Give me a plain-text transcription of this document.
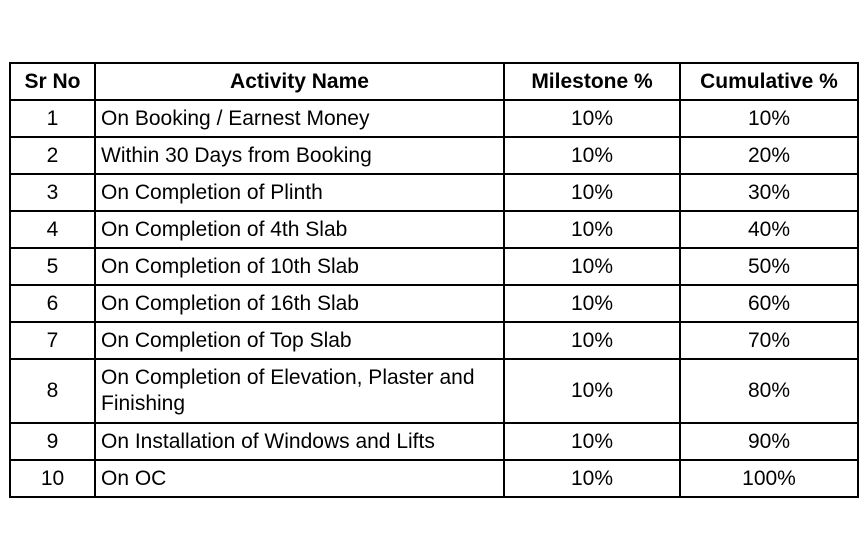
Sr No	Activity Name	Milestone %	Cumulative %
1	On Booking / Earnest Money	10%	10%
2	Within 30 Days from Booking	10%	20%
3	On Completion of Plinth	10%	30%
4	On Completion of 4th Slab	10%	40%
5	On Completion of 10th Slab	10%	50%
6	On Completion of 16th Slab	10%	60%
7	On Completion of Top Slab	10%	70%
8	On Completion of Elevation, Plaster and Finishing	10%	80%
9	On Installation of Windows and Lifts	10%	90%
10	On OC	10%	100%
